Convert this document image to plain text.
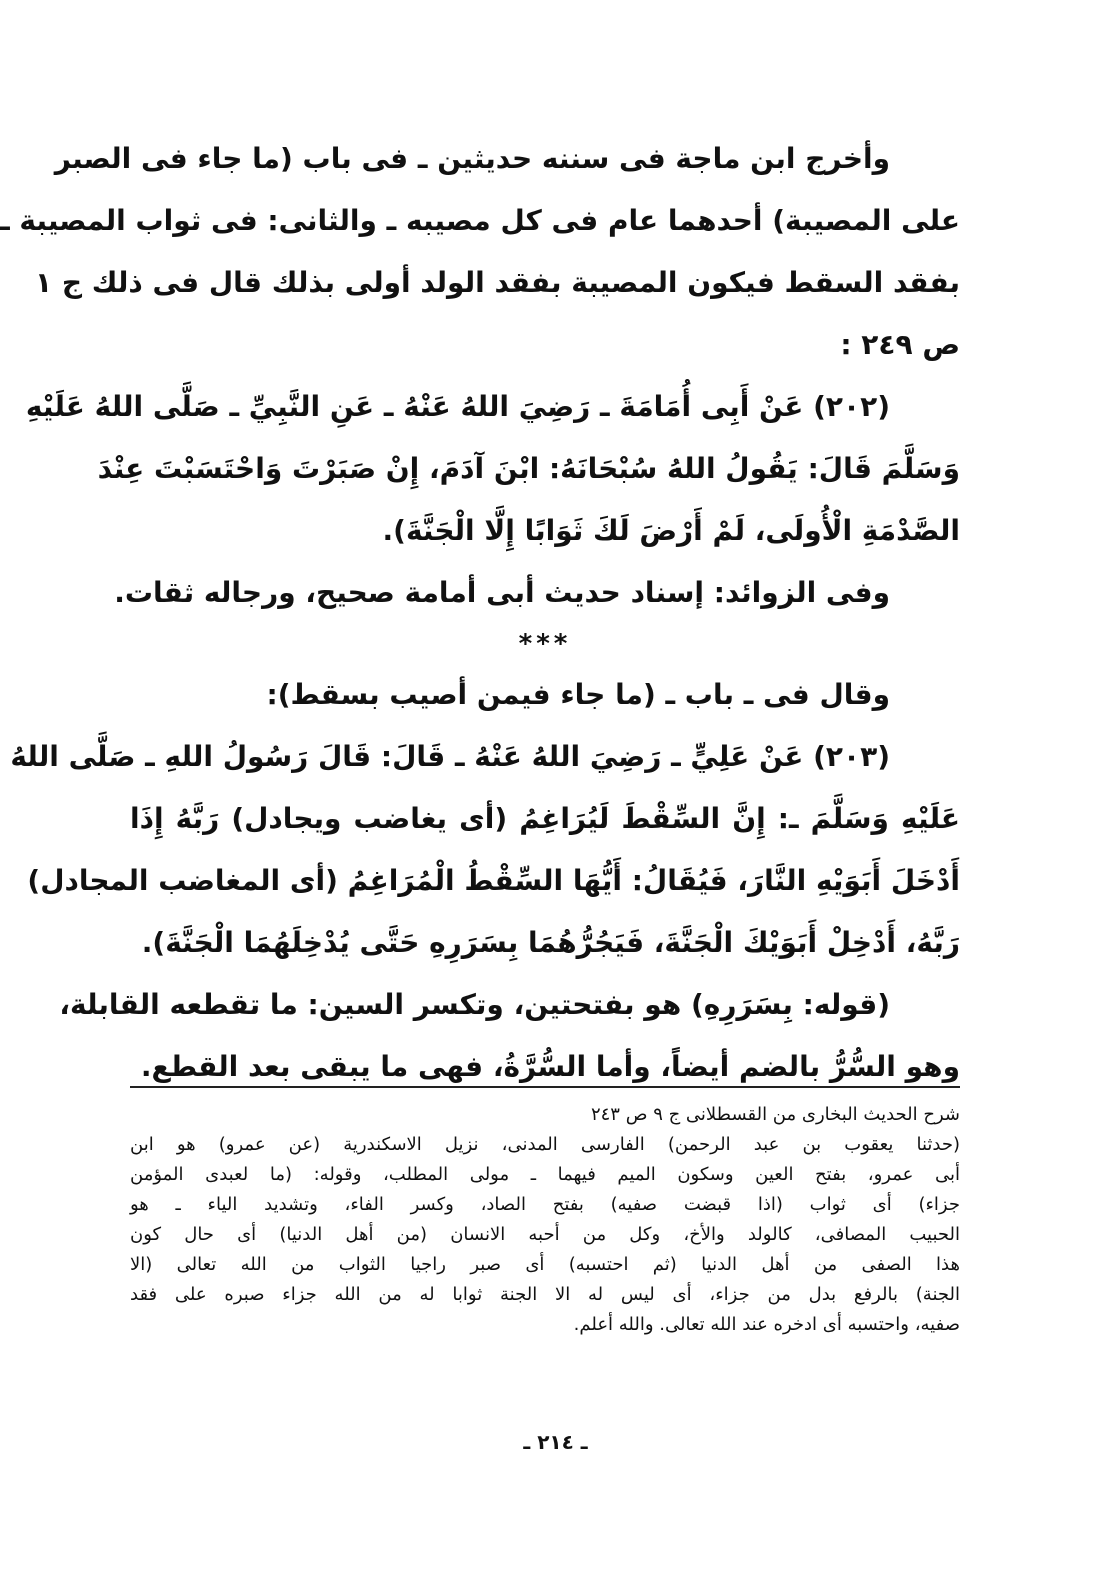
وأخرج ابن ماجة فى سننه حديثين ـ فى باب (ما جاء فى الصبر
على المصيبة) أحدهما عام فى كل مصيبه ـ والثانى: فى ثواب المصيبة ـ
بفقد السقط فيكون المصيبة بفقد الولد أولى بذلك قال فى ذلك ج ١
ص ٢٤٩ :
(٢٠٢) عَنْ أَبِى أُمَامَةَ ـ رَضِيَ اللهُ عَنْهُ ـ عَنِ النَّبِيِّ ـ صَلَّى اللهُ عَلَيْهِ
وَسَلَّمَ قَالَ: يَقُولُ اللهُ سُبْحَانَهُ: ابْنَ آدَمَ، إِنْ صَبَرْتَ وَاحْتَسَبْتَ عِنْدَ
الصَّدْمَةِ الْأُولَى، لَمْ أَرْضَ لَكَ ثَوَابًا إِلَّا الْجَنَّةَ).
وفى الزوائد: إسناد حديث أبى أمامة صحيح، ورجاله ثقات.
***
وقال فى ـ باب ـ (ما جاء فيمن أصيب بسقط):
(٢٠٣) عَنْ عَلِيٍّ ـ رَضِيَ اللهُ عَنْهُ ـ قَالَ: قَالَ رَسُولُ اللهِ ـ صَلَّى اللهُ
عَلَيْهِ وَسَلَّمَ ـ: إِنَّ السِّقْطَ لَيُرَاغِمُ (أى يغاضب ويجادل) رَبَّهُ إِذَا
أَدْخَلَ أَبَوَيْهِ النَّارَ، فَيُقَالُ: أَيُّهَا السِّقْطُ الْمُرَاغِمُ (أى المغاضب المجادل)
رَبَّهُ، أَدْخِلْ أَبَوَيْكَ الْجَنَّةَ، فَيَجُرُّهُمَا بِسَرَرِهِ حَتَّى يُدْخِلَهُمَا الْجَنَّةَ).
(قوله: بِسَرَرِهِ) هو بفتحتين، وتكسر السين: ما تقطعه القابلة،
وهو السُّرُّ بالضم أيضاً، وأما السُّرَّةُ، فهى ما يبقى بعد القطع.
شرح الحديث البخارى من القسطلانى ج ٩ ص ٢٤٣
(حدثنا يعقوب بن عبد الرحمن) الفارسى المدنى، نزيل الاسكندرية (عن عمرو) هو ابن
أبى عمرو، بفتح العين وسكون الميم فيهما ـ مولى المطلب، وقوله: (ما لعبدى المؤمن
جزاء) أى ثواب (اذا قبضت صفيه) بفتح الصاد، وكسر الفاء، وتشديد الياء ـ هو
الحبيب المصافى، كالولد والأخ، وكل من أحبه الانسان (من أهل الدنيا) أى حال كون
هذا الصفى من أهل الدنيا (ثم احتسبه) أى صبر راجيا الثواب من الله تعالى (الا
الجنة) بالرفع بدل من جزاء، أى ليس له الا الجنة ثوابا له من الله جزاء صبره على فقد
صفيه، واحتسبه أى ادخره عند الله تعالى. والله أعلم.
ـ ٢١٤ ـ
